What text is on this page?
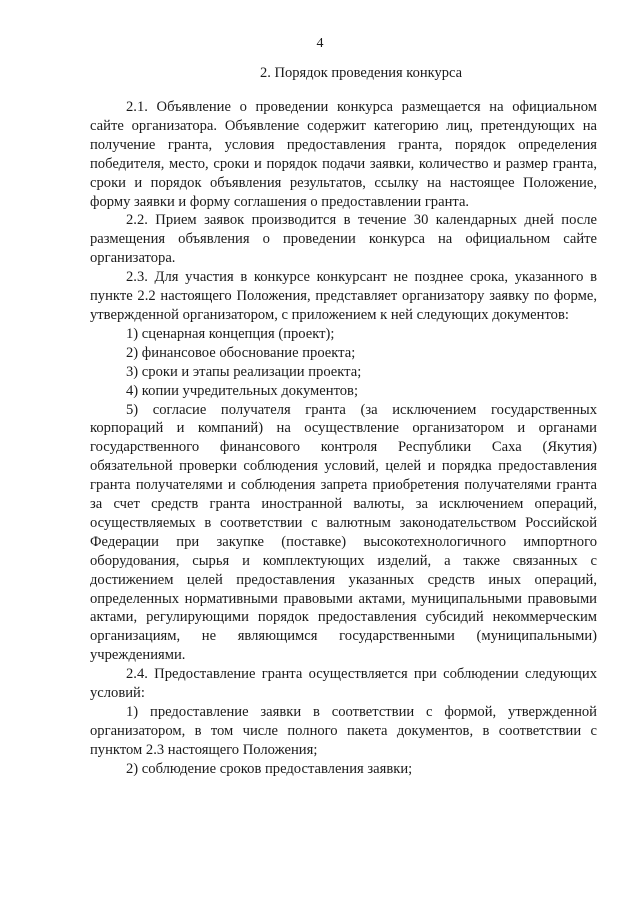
4
2. Порядок проведения конкурса

2.1. Объявление о проведении конкурса размещается на официальном сайте организатора. Объявление содержит категорию лиц, претендующих на получение гранта, условия предоставления гранта, порядок определения победителя, место, сроки и порядок подачи заявки, количество и размер гранта, сроки и порядок объявления результатов, ссылку на настоящее Положение, форму заявки и форму соглашения о предоставлении гранта.

2.2. Прием заявок производится в течение 30 календарных дней после размещения объявления о проведении конкурса на официальном сайте организатора.

2.3. Для участия в конкурсе конкурсант не позднее срока, указанного в пункте 2.2 настоящего Положения, представляет организатору заявку по форме, утвержденной организатором, с приложением к ней следующих документов:

1) сценарная концепция (проект);

2) финансовое обоснование проекта;

3) сроки и этапы реализации проекта;

4) копии учредительных документов;

5) согласие получателя гранта (за исключением государственных корпораций и компаний) на осуществление организатором и органами государственного финансового контроля Республики Саха (Якутия) обязательной проверки соблюдения условий, целей и порядка предоставления гранта получателями и соблюдения запрета приобретения получателями гранта за счет средств гранта иностранной валюты, за исключением операций, осуществляемых в соответствии с валютным законодательством Российской Федерации при закупке (поставке) высокотехнологичного импортного оборудования, сырья и комплектующих изделий, а также связанных с достижением целей предоставления указанных средств иных операций, определенных нормативными правовыми актами, муниципальными правовыми актами, регулирующими порядок предоставления субсидий некоммерческим организациям, не являющимся государственными (муниципальными) учреждениями.

2.4. Предоставление гранта осуществляется при соблюдении следующих условий:

1) предоставление заявки в соответствии с формой, утвержденной организатором, в том числе полного пакета документов, в соответствии с пунктом 2.3 настоящего Положения;

2) соблюдение сроков предоставления заявки;
